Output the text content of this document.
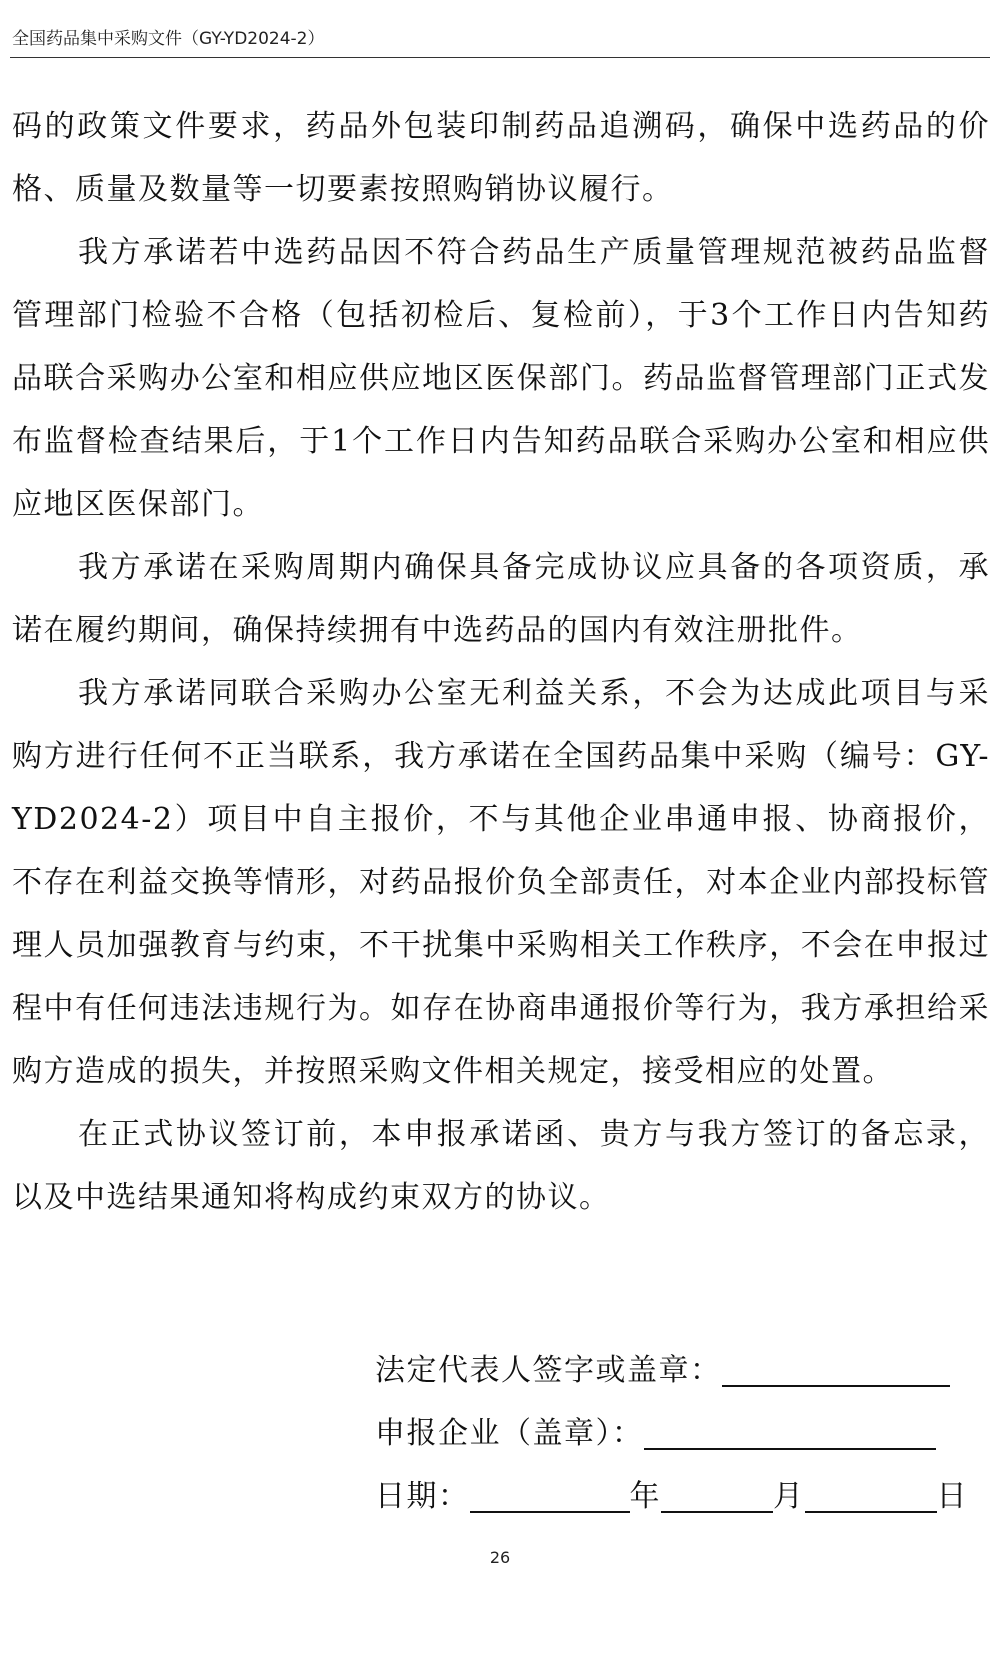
全国药品集中采购文件（GY-YD2024-2）

码的政策文件要求，药品外包装印制药品追溯码，确保中选药品的价格、质量及数量等一切要素按照购销协议履行。

我方承诺若中选药品因不符合药品生产质量管理规范被药品监督管理部门检验不合格（包括初检后、复检前），于3个工作日内告知药品联合采购办公室和相应供应地区医保部门。药品监督管理部门正式发布监督检查结果后，于1个工作日内告知药品联合采购办公室和相应供应地区医保部门。

我方承诺在采购周期内确保具备完成协议应具备的各项资质，承诺在履约期间，确保持续拥有中选药品的国内有效注册批件。

我方承诺同联合采购办公室无利益关系，不会为达成此项目与采购方进行任何不正当联系，我方承诺在全国药品集中采购（编号：GY-YD2024-2）项目中自主报价，不与其他企业串通申报、协商报价，不存在利益交换等情形，对药品报价负全部责任，对本企业内部投标管理人员加强教育与约束，不干扰集中采购相关工作秩序，不会在申报过程中有任何违法违规行为。如存在协商串通报价等行为，我方承担给采购方造成的损失，并按照采购文件相关规定，接受相应的处置。

在正式协议签订前，本申报承诺函、贵方与我方签订的备忘录，以及中选结果通知将构成约束双方的协议。

法定代表人签字或盖章：
申报企业（盖章）：
日期：	年	月	日
26
